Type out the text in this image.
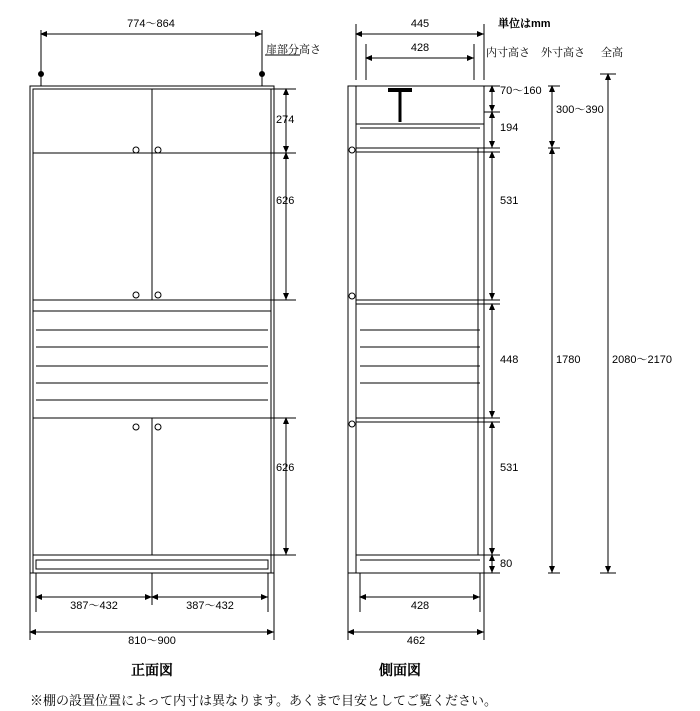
単位はmm
774〜864
扉部分高さ
274
626
626
387〜432	387〜432
810〜900
正面図
445
428	内寸高さ 外寸高さ 全高
70〜160
194
531
448
531
80
300〜390
1780	2080〜2170
428
462
側面図
※棚の設置位置によって内寸は異なります。あくまで目安としてご覧ください。
